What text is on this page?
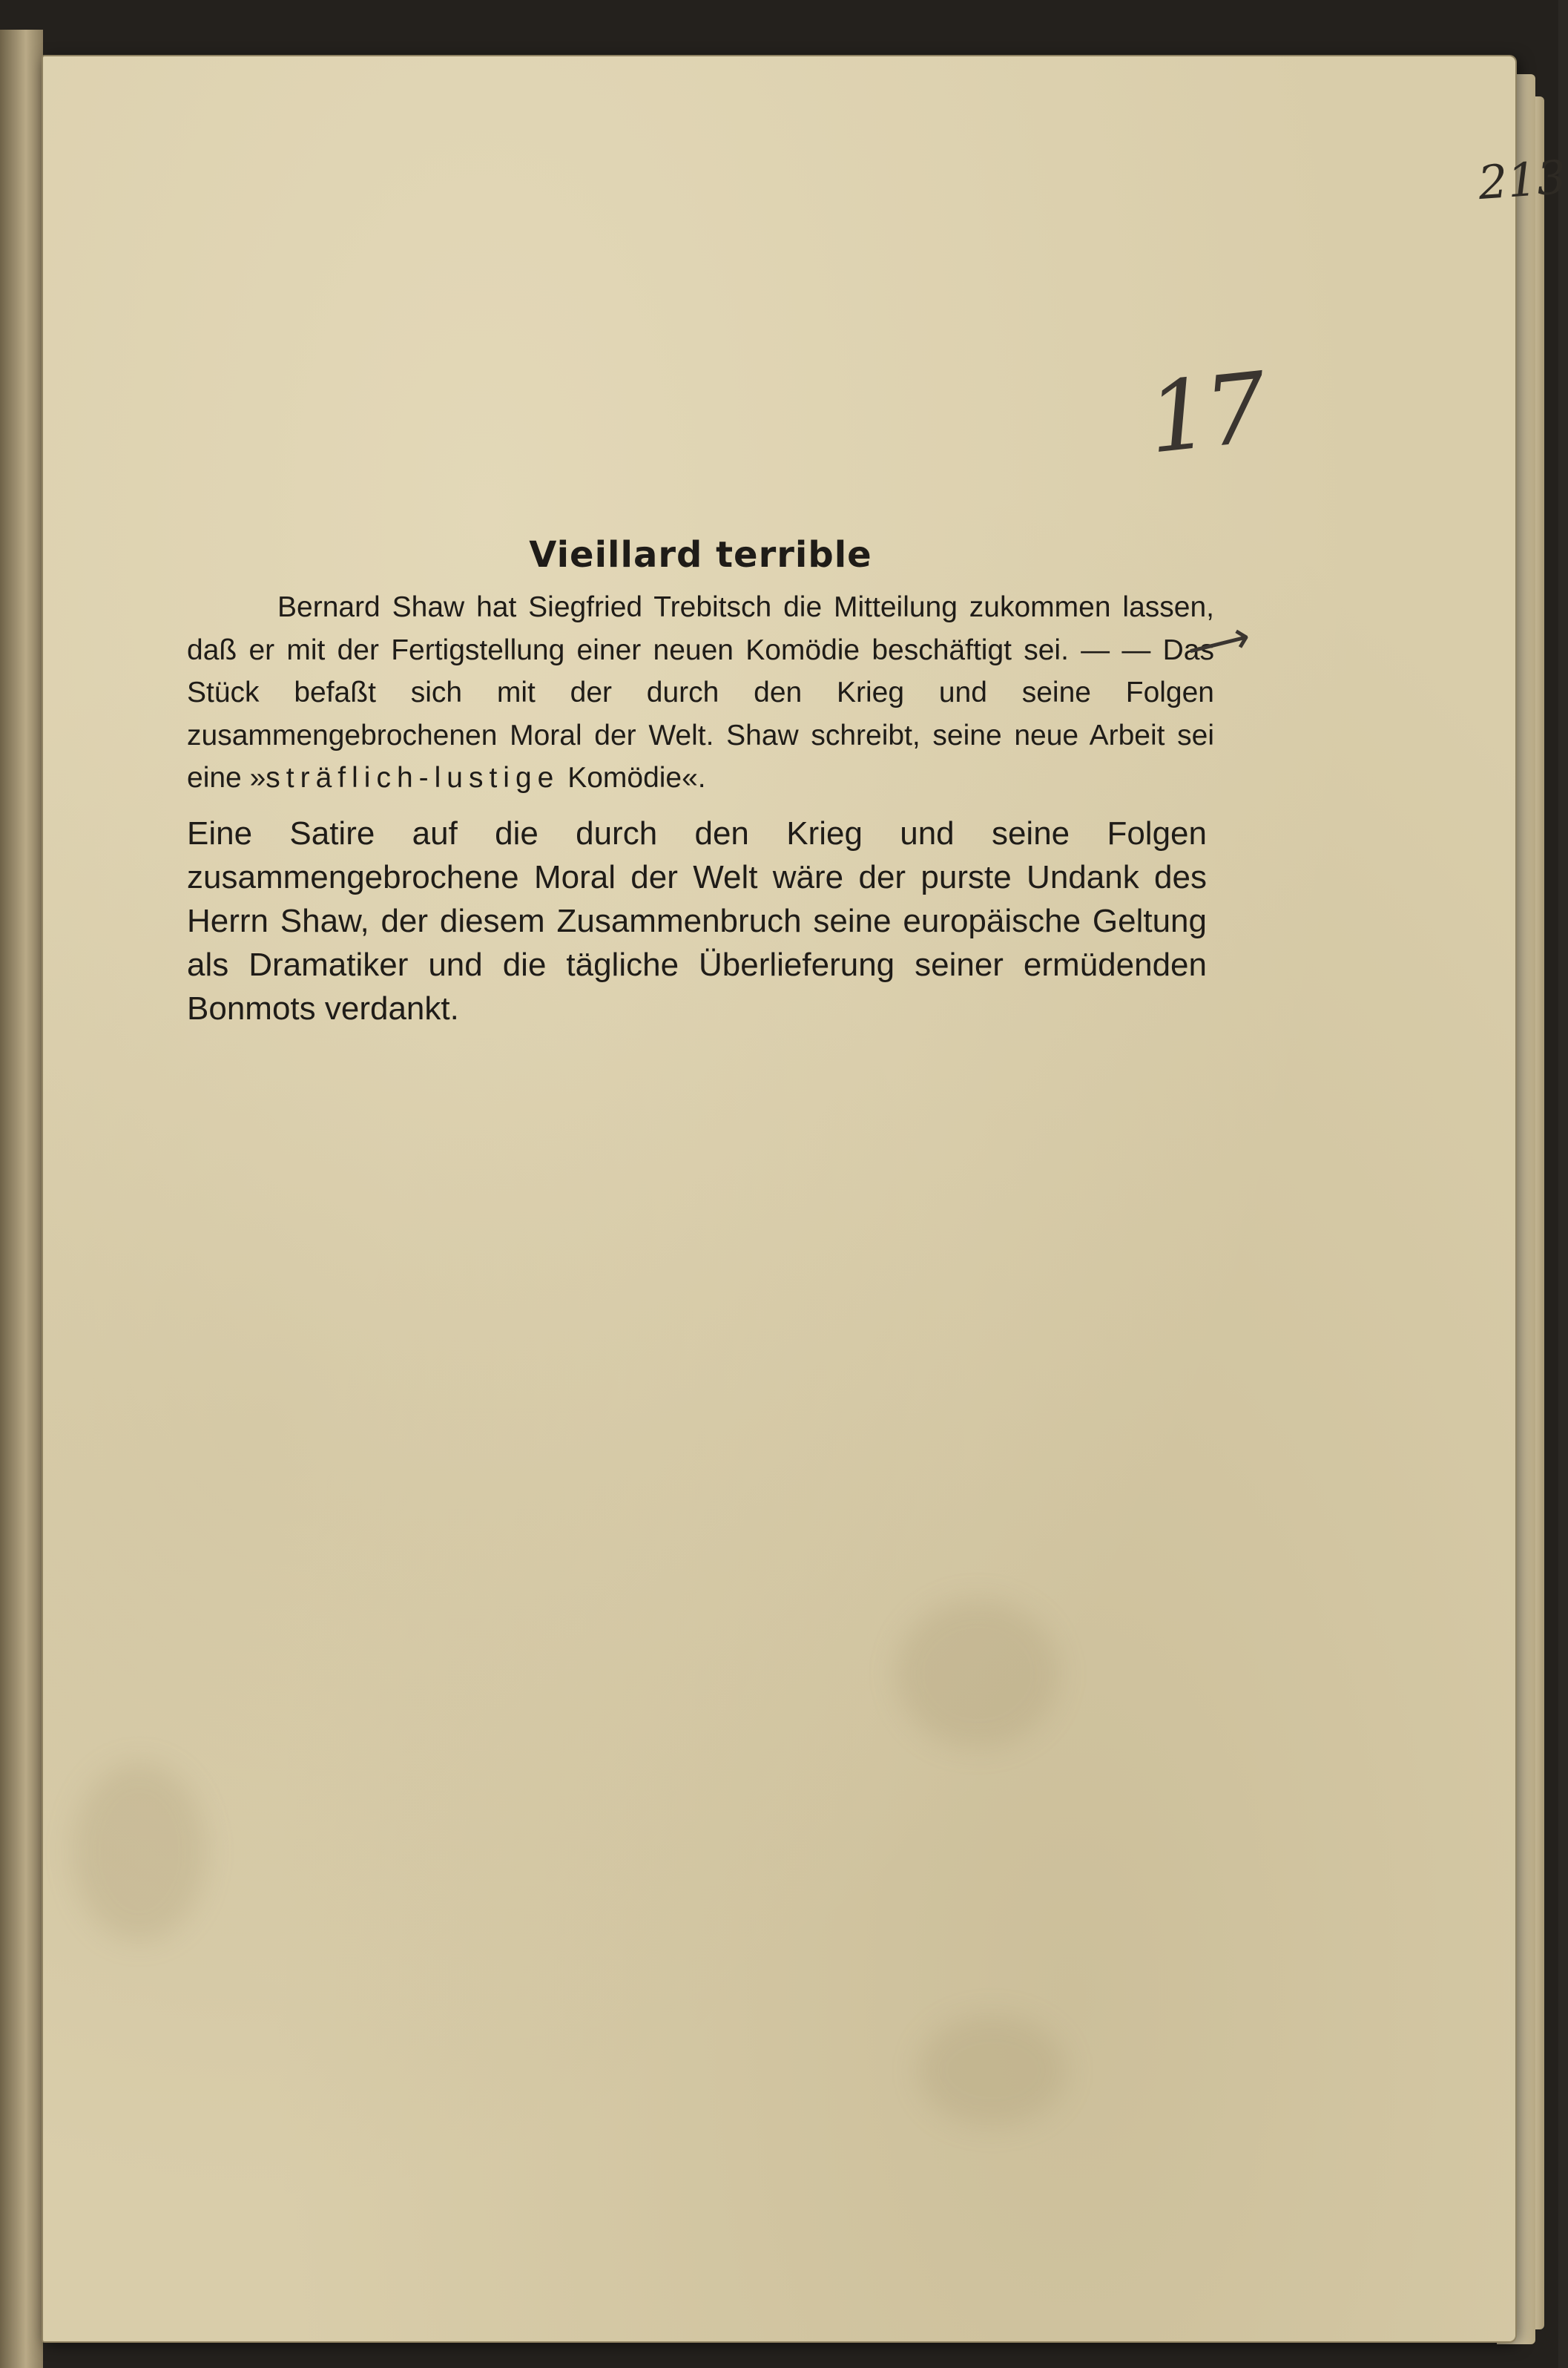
213
17
Vieillard terrible

Bernard Shaw hat Siegfried Trebitsch die Mitteilung zukommen lassen, daß er mit der Fertigstellung einer neuen Komödie beschäftigt sei. — — Das Stück befaßt sich mit der durch den Krieg und seine Folgen zusammengebrochenen Moral der Welt. Shaw schreibt, seine neue Arbeit sei eine »sträflich-lustige Komödie«.

Eine Satire auf die durch den Krieg und seine Folgen zusammengebrochene Moral der Welt wäre der purste Undank des Herrn Shaw, der diesem Zusammenbruch seine europäische Geltung als Dramatiker und die tägliche Überlieferung seiner ermüdenden Bonmots verdankt.

⟶
